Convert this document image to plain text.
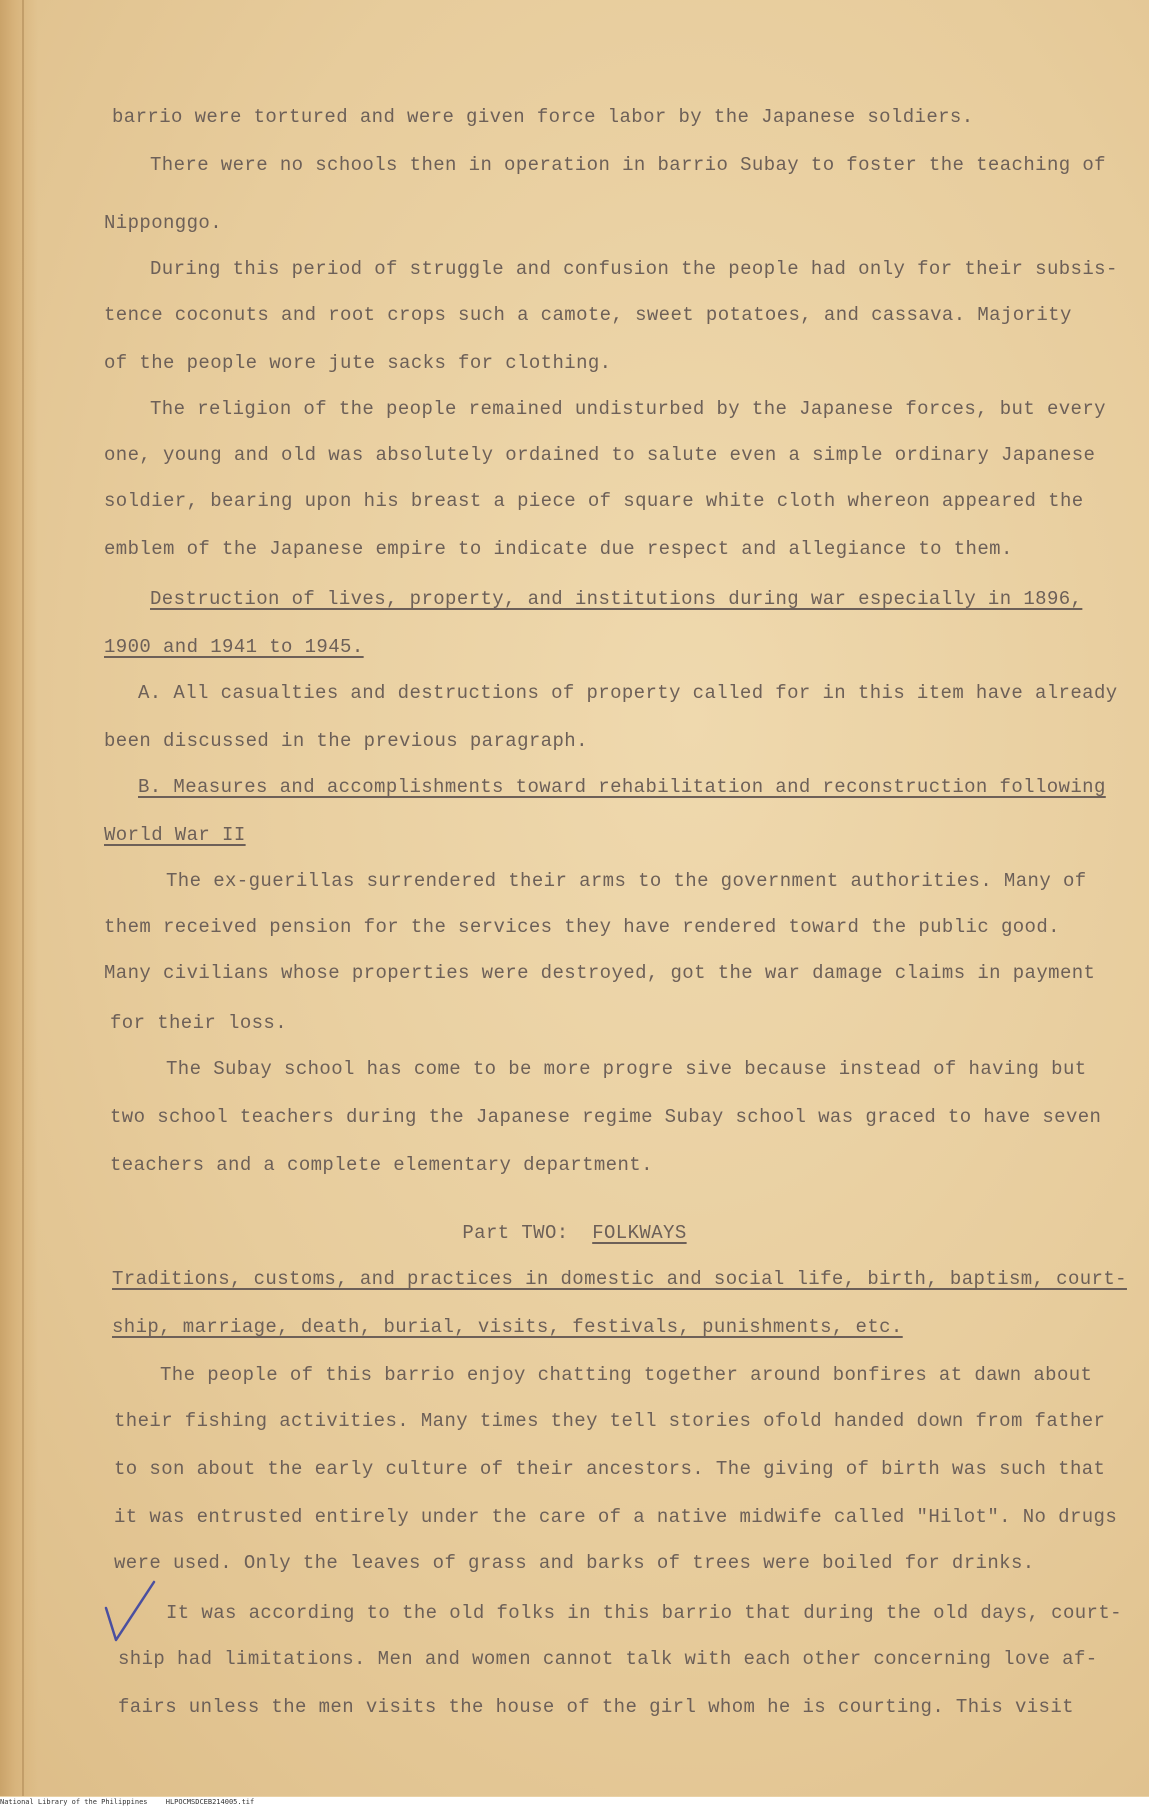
barrio were tortured and were given force labor by the Japanese soldiers.
There were no schools then in operation in barrio Subay to foster the teaching of
Nipponggo.
During this period of struggle and confusion the people had only for their subsis-
tence coconuts and root crops such a camote, sweet potatoes, and cassava. Majority
of the people wore jute sacks for clothing.
The religion of the people remained undisturbed by the Japanese forces, but every
one, young and old was absolutely ordained to salute even a simple ordinary Japanese
soldier, bearing upon his breast a piece of square white cloth whereon appeared the
emblem of the Japanese empire to indicate due respect and allegiance to them.
Destruction of lives, property, and institutions during war especially in 1896,
1900 and 1941 to 1945.
A. All casualties and destructions of property called for in this item have already
been discussed in the previous paragraph.
B. Measures and accomplishments toward rehabilitation and reconstruction following
World War II
The ex-guerillas surrendered their arms to the government authorities. Many of
them received pension for the services they have rendered toward the public good.
Many civilians whose properties were destroyed, got the war damage claims in payment
for their loss.
The Subay school has come to be more progre sive because instead of having but
two school teachers during the Japanese regime Subay school was graced to have seven
teachers and a complete elementary department.
Part TWO: FOLKWAYS
Traditions, customs, and practices in domestic and social life, birth, baptism, court-
ship, marriage, death, burial, visits, festivals, punishments, etc.
The people of this barrio enjoy chatting together around bonfires at dawn about
their fishing activities. Many times they tell stories ofold handed down from father
to son about the early culture of their ancestors. The giving of birth was such that
it was entrusted entirely under the care of a native midwife called "Hilot". No drugs
were used. Only the leaves of grass and barks of trees were boiled for drinks.
It was according to the old folks in this barrio that during the old days, court-
ship had limitations. Men and women cannot talk with each other concerning love af-
fairs unless the men visits the house of the girl whom he is courting. This visit
National Library of the Philippines	HLPOCMSDCEB214005.tif
